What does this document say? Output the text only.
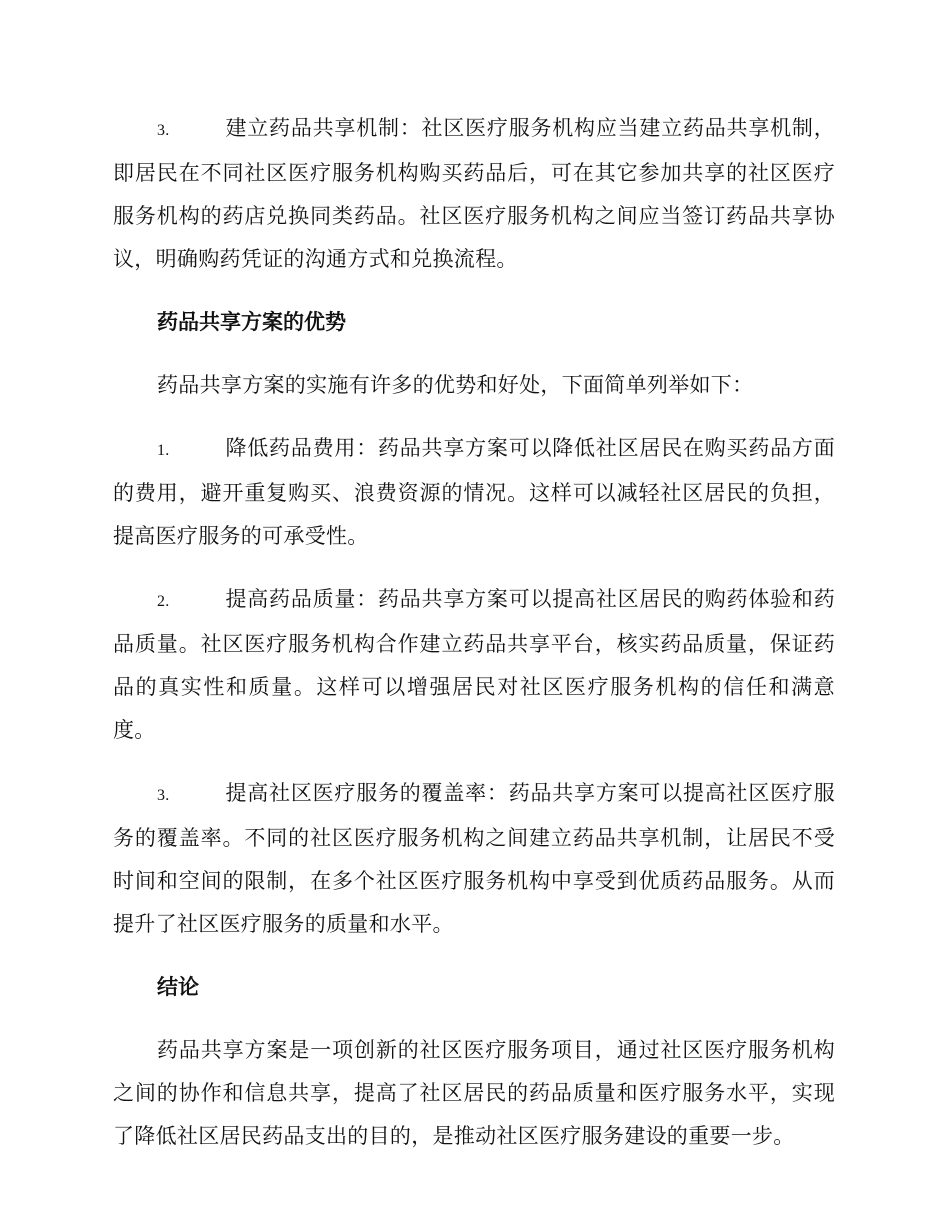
3.	建立药品共享机制：社区医疗服务机构应当建立药品共享机制，即居民在不同社区医疗服务机构购买药品后，可在其它参加共享的社区医疗服务机构的药店兑换同类药品。社区医疗服务机构之间应当签订药品共享协议，明确购药凭证的沟通方式和兑换流程。

药品共享方案的优势

药品共享方案的实施有许多的优势和好处，下面简单列举如下：

1.	降低药品费用：药品共享方案可以降低社区居民在购买药品方面的费用，避开重复购买、浪费资源的情况。这样可以减轻社区居民的负担，提高医疗服务的可承受性。

2.	提高药品质量：药品共享方案可以提高社区居民的购药体验和药品质量。社区医疗服务机构合作建立药品共享平台，核实药品质量，保证药品的真实性和质量。这样可以增强居民对社区医疗服务机构的信任和满意度。

3.	提高社区医疗服务的覆盖率：药品共享方案可以提高社区医疗服务的覆盖率。不同的社区医疗服务机构之间建立药品共享机制，让居民不受时间和空间的限制，在多个社区医疗服务机构中享受到优质药品服务。从而提升了社区医疗服务的质量和水平。

结论

药品共享方案是一项创新的社区医疗服务项目，通过社区医疗服务机构之间的协作和信息共享，提高了社区居民的药品质量和医疗服务水平，实现了降低社区居民药品支出的目的，是推动社区医疗服务建设的重要一步。
